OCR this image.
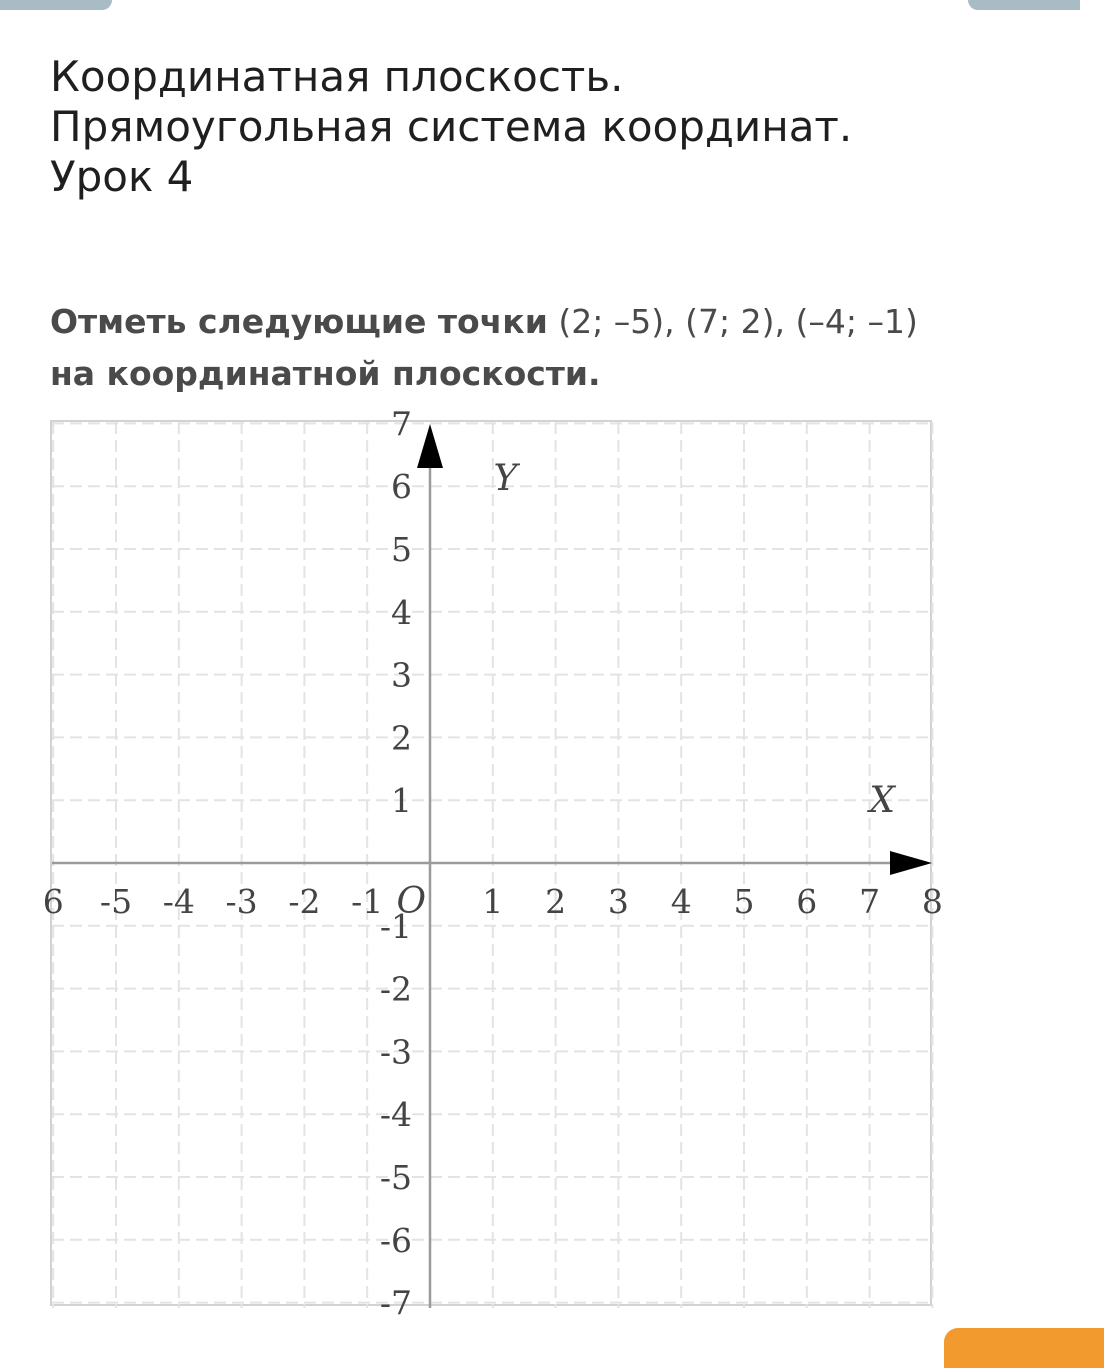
Координатная плоскость.
Прямоугольная система координат.
Урок 4
Отметь следующие точки (2; –5), (7; 2), (–4; –1)
на координатной плоскости.
6 -5 -4 -3 -2 -1	1 2 3 4 5 6 7 8
7
6
5
4
3
2
1
-1
-2
-3
-4
-5
-6
-7
O
X
Y
